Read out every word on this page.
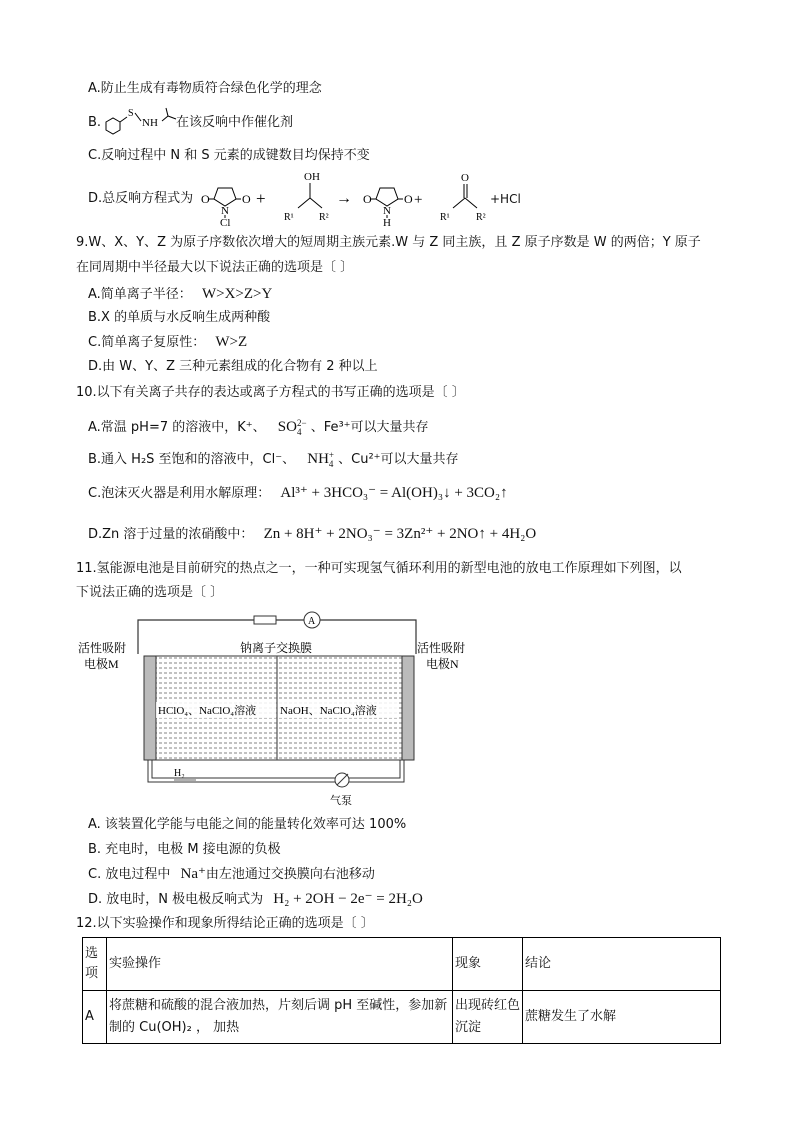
A.防止生成有毒物质符合绿色化学的理念
B.
S
NH 在该反响中作催化剂
C.反响过程中 N 和 S 元素的成键数目均保持不变
D.总反响方程式为 O	O
N
Cl
+
OH
R¹	R²
→ O	O
N
H
+
O
R¹	R²
+HCl
9.W、X、Y、Z 为原子序数依次增大的短周期主族元素.W 与 Z 同主族，且 Z 原子序数是 W 的两倍；Y 原子
在同周期中半径最大以下说法正确的选项是〔 〕
A.简单离子半径： W>X>Z>Y
B.X 的单质与水反响生成两种酸
C.简单离子复原性： W>Z
D.由 W、Y、Z 三种元素组成的化合物有 2 种以上
10.以下有关离子共存的表达或离子方程式的书写正确的选项是〔 〕
A.常温 pH=7 的溶液中，K⁺、 SO 2−
4 、Fe³⁺可以大量共存
B.通入 H₂S 至饱和的溶液中，Cl⁻、 NH +
4 、Cu²⁺可以大量共存
C.泡沫灭火器是利用水解原理： Al³⁺ + 3HCO₃⁻ = Al(OH)₃↓ + 3CO₂↑
D.Zn 溶于过量的浓硝酸中： Zn + 8H⁺ + 2NO₃⁻ = 3Zn²⁺ + 2NO↑ + 4H₂O
11.氢能源电池是目前研究的热点之一，一种可实现氢气循环利用的新型电池的放电工作原理如下列图，以
下说法正确的选项是〔 〕
A
活性吸附
电极M
活性吸附
电极N
钠离子交换膜
HClO₄、NaClO₄溶液 NaOH、NaClO₄溶液
H₂
气泵
A. 该装置化学能与电能之间的能量转化效率可达 100%
B. 充电时，电极 M 接电源的负极
C. 放电过程中 Na⁺由左池通过交换膜向右池移动
D. 放电时，N 极电极反响式为 H₂ + 2OH − 2e⁻ = 2H₂O
12.以下实验操作和现象所得结论正确的选项是〔 〕
选项	实验操作	现象	结论
A	将蔗糖和硫酸的混合液加热，片刻后调 pH 至碱性，参加新制的 Cu(OH)₂ ， 加热	出现砖红色沉淀	蔗糖发生了水解
